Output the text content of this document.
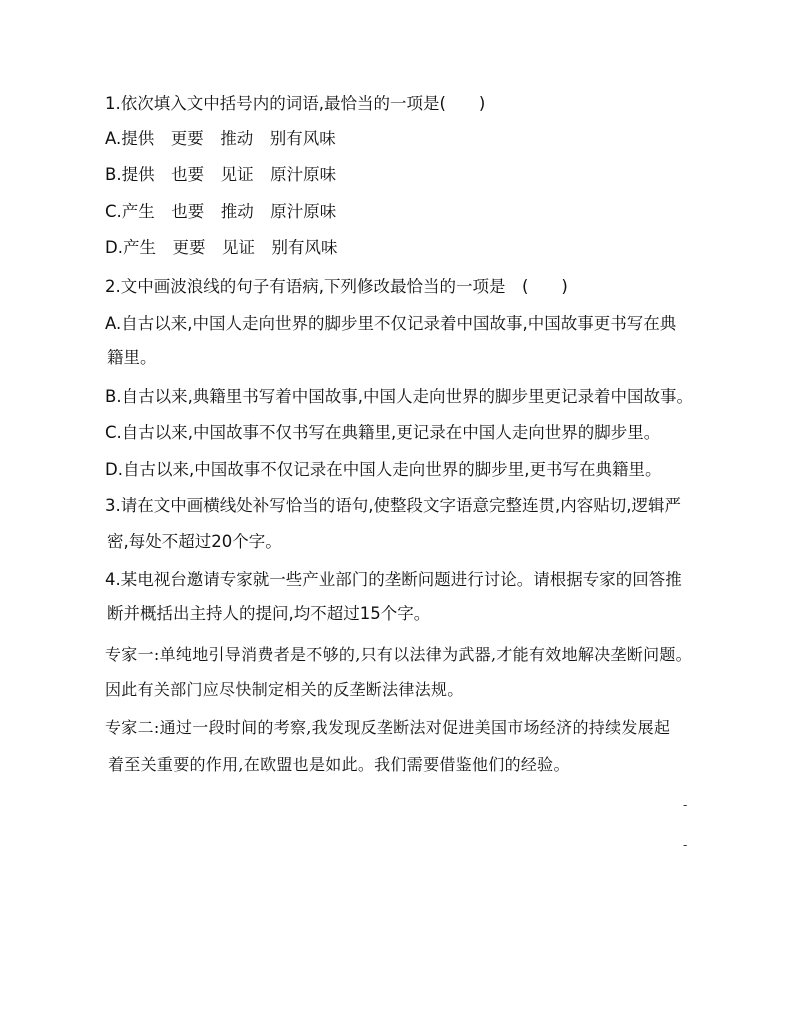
1.依次填入文中括号内的词语,最恰当的一项是(　　)
A.提供　更要　推动　别有风味
B.提供　也要　见证　原汁原味
C.产生　也要　推动　原汁原味
D.产生　更要　见证　别有风味
2.文中画波浪线的句子有语病,下列修改最恰当的一项是　(　　)
A.自古以来,中国人走向世界的脚步里不仅记录着中国故事,中国故事更书写在典
籍里。
B.自古以来,典籍里书写着中国故事,中国人走向世界的脚步里更记录着中国故事。
C.自古以来,中国故事不仅书写在典籍里,更记录在中国人走向世界的脚步里。
D.自古以来,中国故事不仅记录在中国人走向世界的脚步里,更书写在典籍里。
3.请在文中画横线处补写恰当的语句,使整段文字语意完整连贯,内容贴切,逻辑严
密,每处不超过20个字。
4.某电视台邀请专家就一些产业部门的垄断问题进行讨论。请根据专家的回答推
断并概括出主持人的提问,均不超过15个字。
专家一:单纯地引导消费者是不够的,只有以法律为武器,才能有效地解决垄断问题。
因此有关部门应尽快制定相关的反垄断法律法规。
专家二:通过一段时间的考察,我发现反垄断法对促进美国市场经济的持续发展起
着至关重要的作用,在欧盟也是如此。我们需要借鉴他们的经验。
-
-
